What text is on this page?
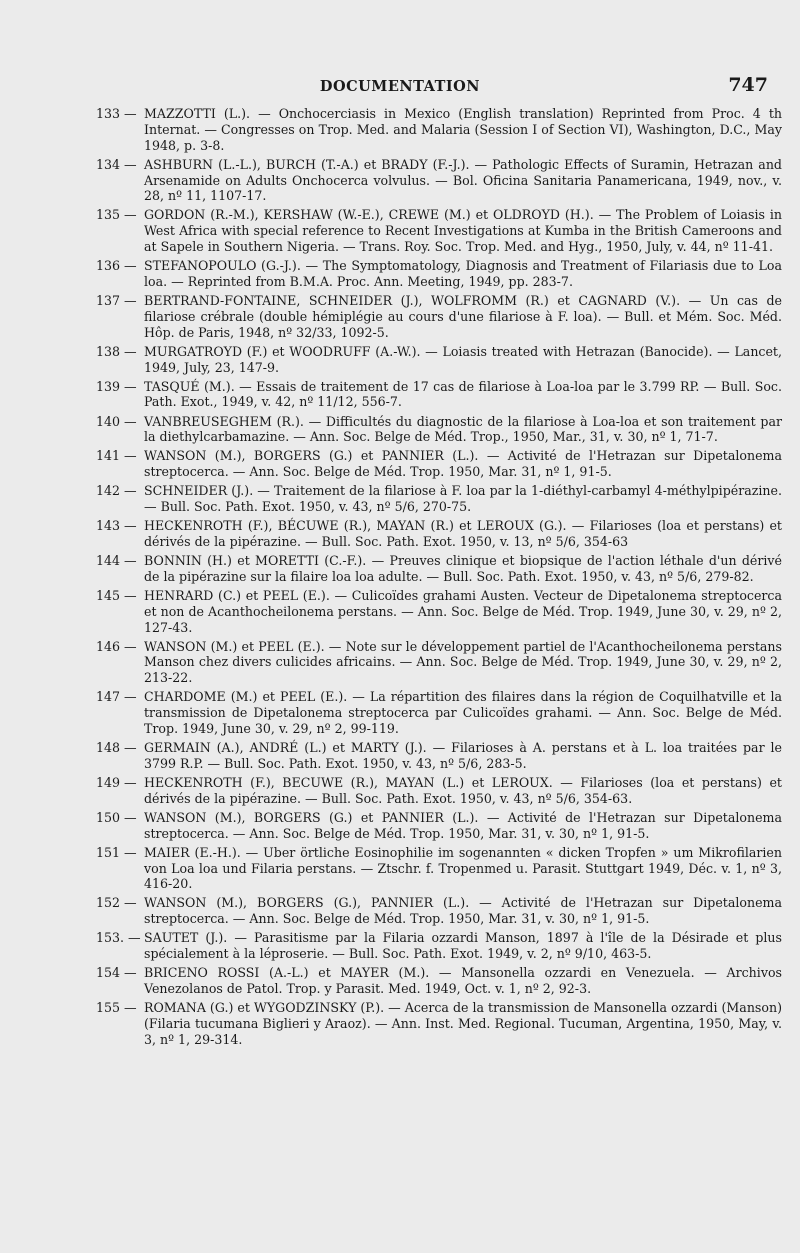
DOCUMENTATION	747
133 — MAZZOTTI (L.). — Onchocerciasis in Mexico (English translation) Reprinted from Proc. 4 th Internat. — Congresses on Trop. Med. and Malaria (Session I of Section VI), Washington, D.C., May 1948, p. 3-8.
134 — ASHBURN (L.-L.), BURCH (T.-A.) et BRADY (F.-J.). — Pathologic Effects of Suramin, Hetrazan and Arsenamide on Adults Onchocerca volvulus. — Bol. Oficina Sanitaria Panamericana, 1949, nov., v. 28, nº 11, 1107-17.
135 — GORDON (R.-M.), KERSHAW (W.-E.), CREWE (M.) et OLDROYD (H.). — The Problem of Loiasis in West Africa with special reference to Recent Investigations at Kumba in the British Cameroons and at Sapele in Southern Nigeria. — Trans. Roy. Soc. Trop. Med. and Hyg., 1950, July, v. 44, nº 11-41.
136 — STEFANOPOULO (G.-J.). — The Symptomatology, Diagnosis and Treatment of Filariasis due to Loa loa. — Reprinted from B.M.A. Proc. Ann. Meeting, 1949, pp. 283-7.
137 — BERTRAND-FONTAINE, SCHNEIDER (J.), WOLFROMM (R.) et CAGNARD (V.). — Un cas de filariose crébrale (double hémiplégie au cours d'une filariose à F. loa). — Bull. et Mém. Soc. Méd. Hôp. de Paris, 1948, nº 32/33, 1092-5.
138 — MURGATROYD (F.) et WOODRUFF (A.-W.). — Loiasis treated with Hetrazan (Banocide). — Lancet, 1949, July, 23, 147-9.
139 — TASQUÉ (M.). — Essais de traitement de 17 cas de filariose à Loa-loa par le 3.799 RP. — Bull. Soc. Path. Exot., 1949, v. 42, nº 11/12, 556-7.
140 — VANBREUSEGHEM (R.). — Difficultés du diagnostic de la filariose à Loa-loa et son traitement par la diethylcarbamazine. — Ann. Soc. Belge de Méd. Trop., 1950, Mar., 31, v. 30, nº 1, 71-7.
141 — WANSON (M.), BORGERS (G.) et PANNIER (L.). — Activité de l'Hetrazan sur Dipetalonema streptocerca. — Ann. Soc. Belge de Méd. Trop. 1950, Mar. 31, nº 1, 91-5.
142 — SCHNEIDER (J.). — Traitement de la filariose à F. loa par la 1-diéthyl-carbamyl 4-méthylpipérazine. — Bull. Soc. Path. Exot. 1950, v. 43, nº 5/6, 270-75.
143 — HECKENROTH (F.), BÉCUWE (R.), MAYAN (R.) et LEROUX (G.). — Filarioses (loa et perstans) et dérivés de la pipérazine. — Bull. Soc. Path. Exot. 1950, v. 13, nº 5/6, 354-63
144 — BONNIN (H.) et MORETTI (C.-F.). — Preuves clinique et biopsique de l'action léthale d'un dérivé de la pipérazine sur la filaire loa loa adulte. — Bull. Soc. Path. Exot. 1950, v. 43, nº 5/6, 279-82.
145 — HENRARD (C.) et PEEL (E.). — Culicoïdes grahami Austen. Vecteur de Dipetalonema streptocerca et non de Acanthocheilonema perstans. — Ann. Soc. Belge de Méd. Trop. 1949, June 30, v. 29, nº 2, 127-43.
146 — WANSON (M.) et PEEL (E.). — Note sur le développement partiel de l'Acanthocheilonema perstans Manson chez divers culicides africains. — Ann. Soc. Belge de Méd. Trop. 1949, June 30, v. 29, nº 2, 213-22.
147 — CHARDOME (M.) et PEEL (E.). — La répartition des filaires dans la région de Coquilhatville et la transmission de Dipetalonema streptocerca par Culicoïdes grahami. — Ann. Soc. Belge de Méd. Trop. 1949, June 30, v. 29, nº 2, 99-119.
148 — GERMAIN (A.), ANDRÉ (L.) et MARTY (J.). — Filarioses à A. perstans et à L. loa traitées par le 3799 R.P. — Bull. Soc. Path. Exot. 1950, v. 43, nº 5/6, 283-5.
149 — HECKENROTH (F.), BECUWE (R.), MAYAN (L.) et LEROUX. — Filarioses (loa et perstans) et dérivés de la pipérazine. — Bull. Soc. Path. Exot. 1950, v. 43, nº 5/6, 354-63.
150 — WANSON (M.), BORGERS (G.) et PANNIER (L.). — Activité de l'Hetrazan sur Dipetalonema streptocerca. — Ann. Soc. Belge de Méd. Trop. 1950, Mar. 31, v. 30, nº 1, 91-5.
151 — MAIER (E.-H.). — Uber örtliche Eosinophilie im sogenannten « dicken Tropfen » um Mikrofilarien von Loa loa und Filaria perstans. — Ztschr. f. Tropenmed u. Parasit. Stuttgart 1949, Déc. v. 1, nº 3, 416-20.
152 — WANSON (M.), BORGERS (G.), PANNIER (L.). — Activité de l'Hetrazan sur Dipetalonema streptocerca. — Ann. Soc. Belge de Méd. Trop. 1950, Mar. 31, v. 30, nº 1, 91-5.
153. — SAUTET (J.). — Parasitisme par la Filaria ozzardi Manson, 1897 à l'île de la Désirade et plus spécialement à la léproserie. — Bull. Soc. Path. Exot. 1949, v. 2, nº 9/10, 463-5.
154 — BRICENO ROSSI (A.-L.) et MAYER (M.). — Mansonella ozzardi en Venezuela. — Archivos Venezolanos de Patol. Trop. y Parasit. Med. 1949, Oct. v. 1, nº 2, 92-3.
155 — ROMANA (G.) et WYGODZINSKY (P.). — Acerca de la transmission de Mansonella ozzardi (Manson) (Filaria tucumana Biglieri y Araoz). — Ann. Inst. Med. Regional. Tucuman, Argentina, 1950, May, v. 3, nº 1, 29-314.
